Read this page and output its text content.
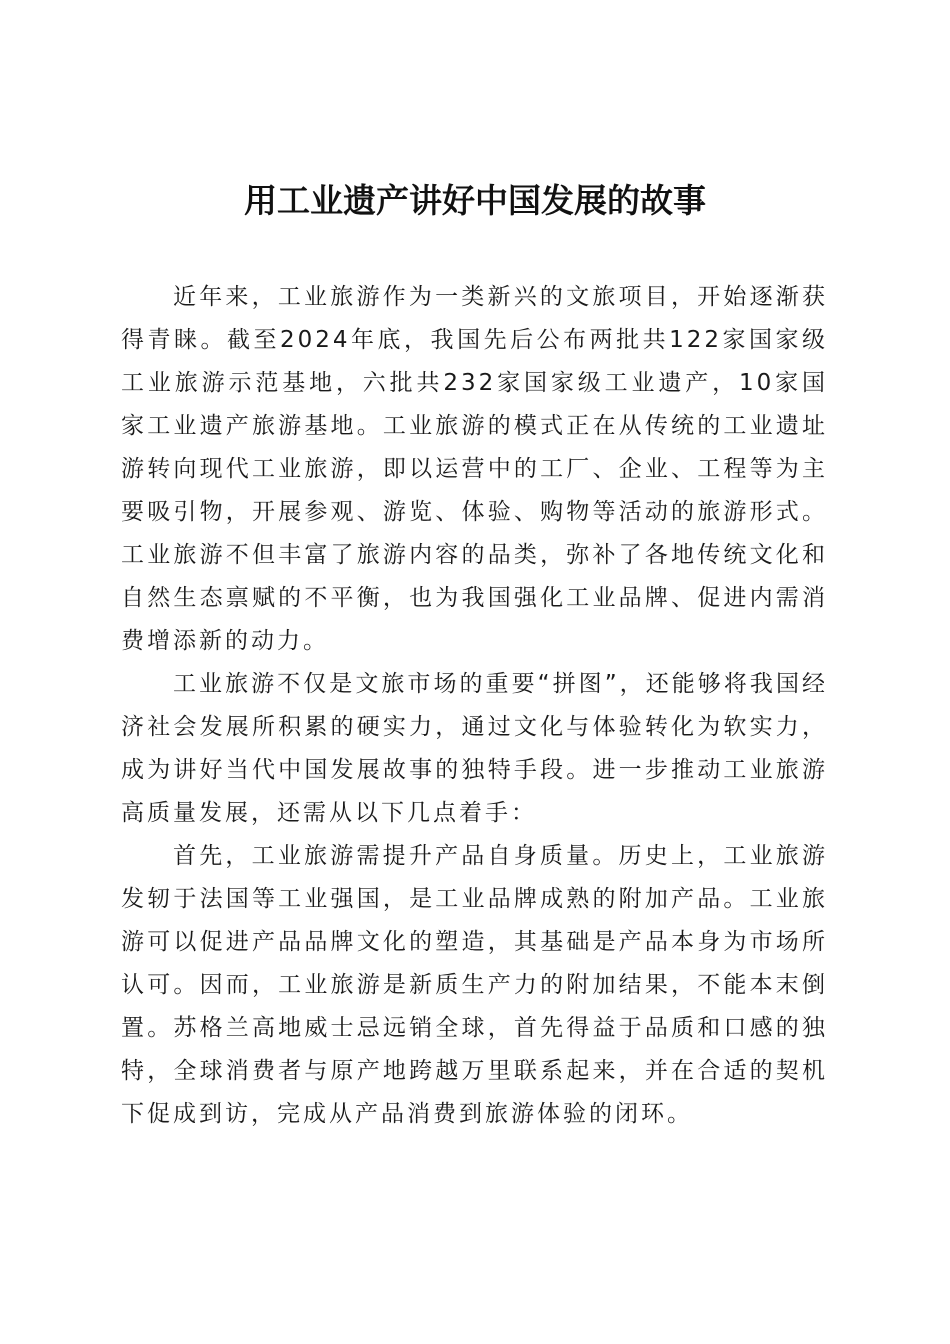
用工业遗产讲好中国发展的故事

近年来，工业旅游作为一类新兴的文旅项目，开始逐渐获得青睐。截至2024年底，我国先后公布两批共122家国家级工业旅游示范基地，六批共232家国家级工业遗产，10家国家工业遗产旅游基地。工业旅游的模式正在从传统的工业遗址游转向现代工业旅游，即以运营中的工厂、企业、工程等为主要吸引物，开展参观、游览、体验、购物等活动的旅游形式。工业旅游不但丰富了旅游内容的品类，弥补了各地传统文化和自然生态禀赋的不平衡，也为我国强化工业品牌、促进内需消费增添新的动力。

工业旅游不仅是文旅市场的重要“拼图”，还能够将我国经济社会发展所积累的硬实力，通过文化与体验转化为软实力，成为讲好当代中国发展故事的独特手段。进一步推动工业旅游高质量发展，还需从以下几点着手：

首先，工业旅游需提升产品自身质量。历史上，工业旅游发轫于法国等工业强国，是工业品牌成熟的附加产品。工业旅游可以促进产品品牌文化的塑造，其基础是产品本身为市场所认可。因而，工业旅游是新质生产力的附加结果，不能本末倒置。苏格兰高地威士忌远销全球，首先得益于品质和口感的独特，全球消费者与原产地跨越万里联系起来，并在合适的契机下促成到访，完成从产品消费到旅游体验的闭环。
